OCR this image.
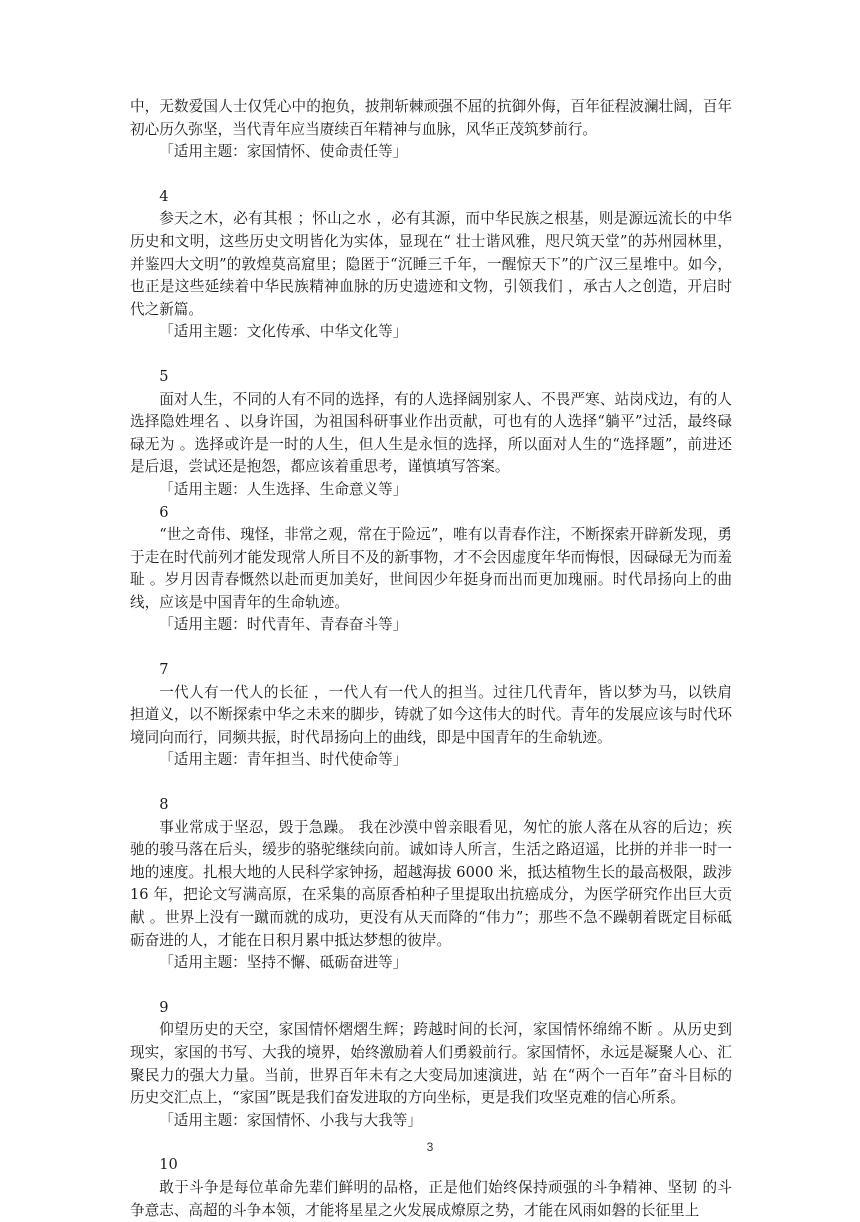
中，无数爱国人士仅凭心中的抱负，披荆斩棘顽强不屈的抗御外侮，百年征程波澜壮阔，百年初心历久弥坚，当代青年应当赓续百年精神与血脉，风华正茂筑梦前行。

「适用主题：家国情怀、使命责任等」

4

参天之木，必有其根 ；怀山之水 ，必有其源，而中华民族之根基，则是源远流长的中华历史和文明，这些历史文明皆化为实体，显现在“ 壮士谐风雅，咫尺筑天堂”的苏州园林里，并鉴四大文明”的敦煌莫高窟里；隐匿于“沉睡三千年，一醒惊天下”的广汉三星堆中。如今，也正是这些延续着中华民族精神血脉的历史遗迹和文物，引领我们 ，承古人之创造，开启时代之新篇。

「适用主题：文化传承、中华文化等」

5

面对人生，不同的人有不同的选择，有的人选择阔别家人、不畏严寒、站岗戍边，有的人选择隐姓埋名 、以身许国，为祖国科研事业作出贡献，可也有的人选择“躺平”过活，最终碌碌无为 。选择或许是一时的人生，但人生是永恒的选择，所以面对人生的“选择题”，前进还是后退，尝试还是抱怨，都应该着重思考，谨慎填写答案。

「适用主题：人生选择、生命意义等」

6

“世之奇伟、瑰怪，非常之观，常在于险远”，唯有以青春作注，不断探索开辟新发现，勇于走在时代前列才能发现常人所目不及的新事物，才不会因虚度年华而悔恨，因碌碌无为而羞耻 。岁月因青春慨然以赴而更加美好，世间因少年挺身而出而更加瑰丽。时代昂扬向上的曲线，应该是中国青年的生命轨迹。

「适用主题：时代青年、青春奋斗等」

7

一代人有一代人的长征 ，一代人有一代人的担当。过往几代青年，皆以梦为马，以铁肩担道义，以不断探索中华之未来的脚步，铸就了如今这伟大的时代。青年的发展应该与时代环境同向而行，同频共振，时代昂扬向上的曲线，即是中国青年的生命轨迹。

「适用主题：青年担当、时代使命等」

8

事业常成于坚忍，毁于急躁。 我在沙漠中曾亲眼看见，匆忙的旅人落在从容的后边；疾驰的骏马落在后头，缓步的骆驼继续向前。诚如诗人所言，生活之路迢遥，比拼的并非一时一地的速度。扎根大地的人民科学家钟扬，超越海拔 6000 米，抵达植物生长的最高极限，跋涉 16 年，把论文写满高原，在采集的高原香柏种子里提取出抗癌成分，为医学研究作出巨大贡献 。世界上没有一蹴而就的成功，更没有从天而降的“伟力”；那些不急不躁朝着既定目标砥砺奋进的人，才能在日积月累中抵达梦想的彼岸。

「适用主题：坚持不懈、砥砺奋进等」

9

仰望历史的天空，家国情怀熠熠生辉；跨越时间的长河，家国情怀绵绵不断 。从历史到现实，家国的书写、大我的境界，始终激励着人们勇毅前行。家国情怀，永远是凝聚人心、汇聚民力的强大力量。当前，世界百年未有之大变局加速演进，站 在“两个一百年”奋斗目标的历史交汇点上，“家国”既是我们奋发进取的方向坐标，更是我们攻坚克难的信心所系。

「适用主题：家国情怀、小我与大我等」

10

敢于斗争是每位革命先辈们鲜明的品格，正是他们始终保持顽强的斗争精神、坚韧 的斗争意志、高超的斗争本领，才能将星星之火发展成燎原之势，才能在风雨如磐的长征里上

3
